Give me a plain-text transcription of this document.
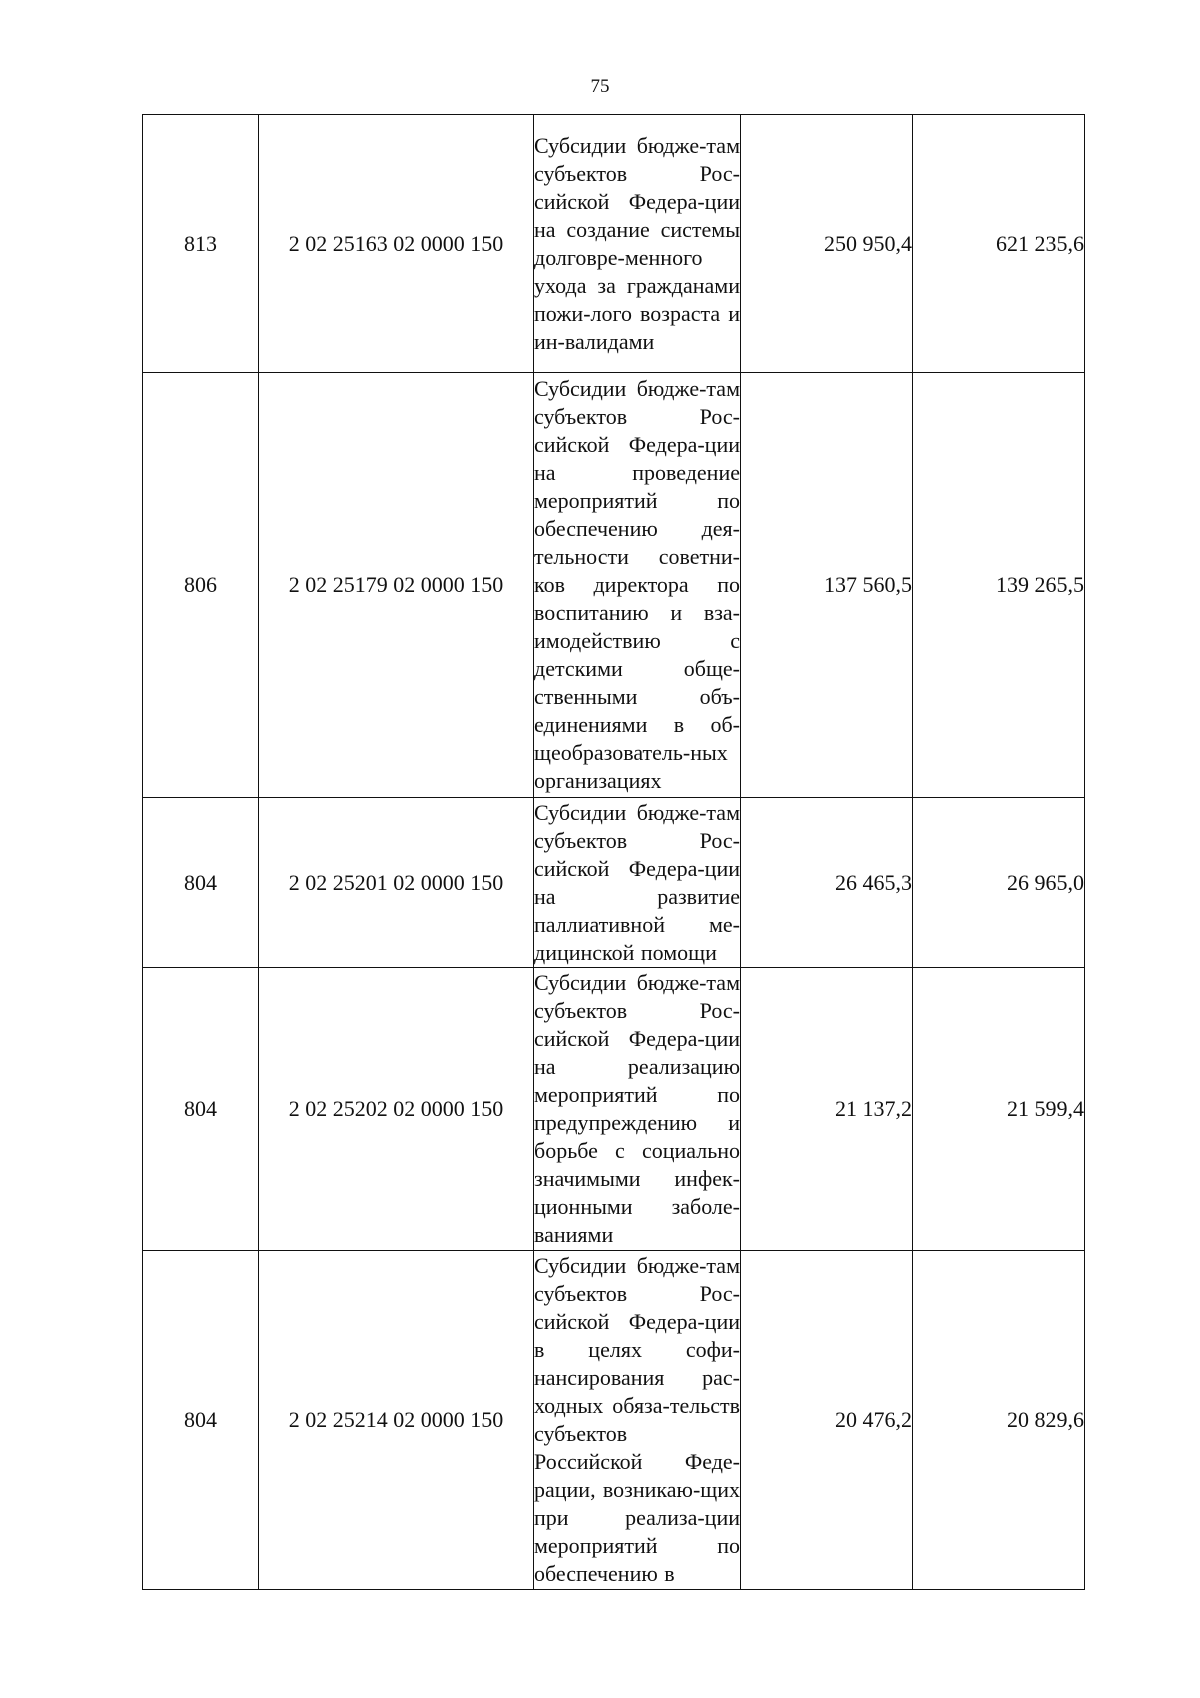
75
813	2 02 25163 02 0000 150	Субсидии бюдже-там субъектов Рос-сийской Федера-ции на создание системы долговре-менного ухода за гражданами пожи-лого возраста и ин-валидами	250 950,4	621 235,6
806	2 02 25179 02 0000 150	Субсидии бюдже-там субъектов Рос-сийской Федера-ции на проведение мероприятий по обеспечению дея-тельности советни-ков директора по воспитанию и вза-имодействию с детскими обще-ственными объ-единениями в об-щеобразователь-ных организациях	137 560,5	139 265,5
804	2 02 25201 02 0000 150	Субсидии бюдже-там субъектов Рос-сийской Федера-ции на развитие паллиативной ме-дицинской помощи	26 465,3	26 965,0
804	2 02 25202 02 0000 150	Субсидии бюдже-там субъектов Рос-сийской Федера-ции на реализацию мероприятий по предупреждению и борьбе с социально значимыми инфек-ционными заболе-ваниями	21 137,2	21 599,4
804	2 02 25214 02 0000 150	Субсидии бюдже-там субъектов Рос-сийской Федера-ции в целях софи-нансирования рас-ходных обяза-тельств субъектов Российской Феде-рации, возникаю-щих при реализа-ции мероприятий по обеспечению в	20 476,2	20 829,6
